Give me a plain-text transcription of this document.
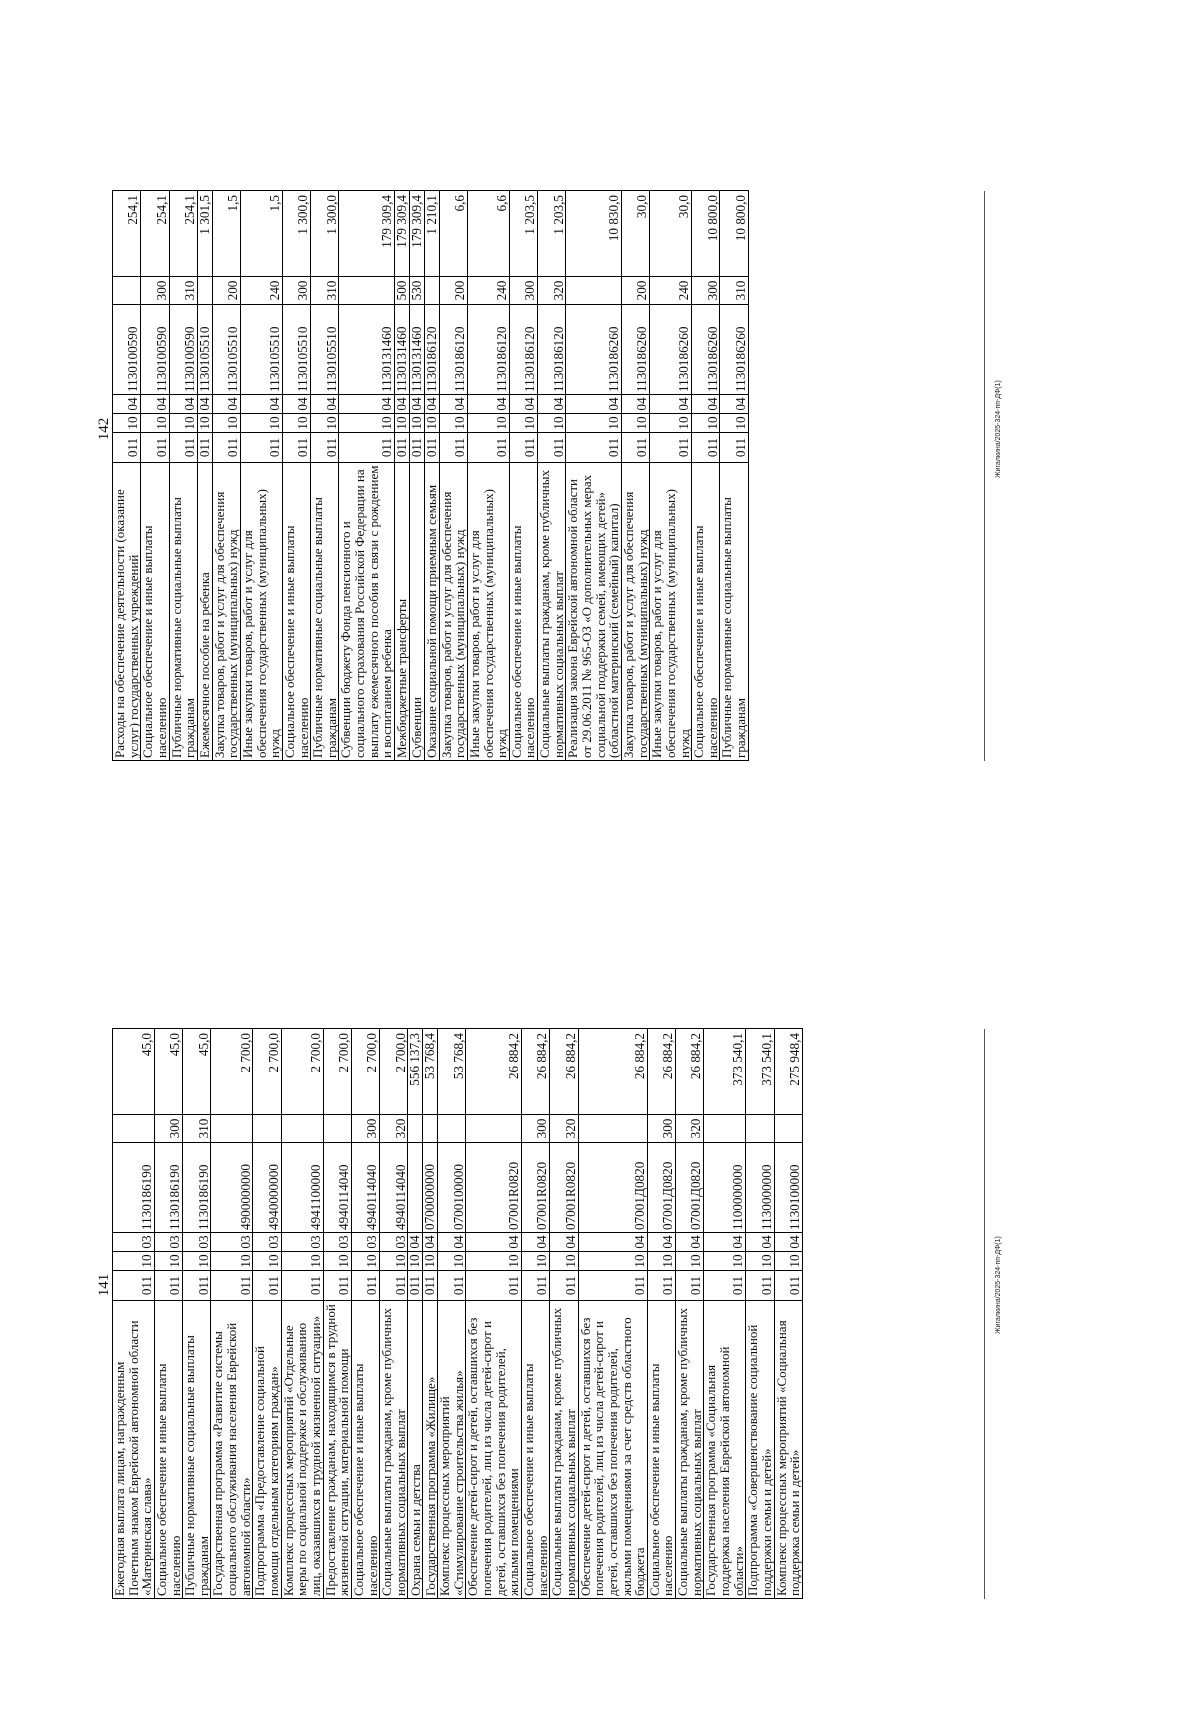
141
Ежегодная выплата лицам, награжденным Почетным знаком Еврейской автономной области «Материнская слава»	011	10	03	1130186190		45,0
Социальное обеспечение и иные выплаты населению	011	10	03	1130186190	300	45,0
Публичные нормативные социальные выплаты гражданам	011	10	03	1130186190	310	45,0
Государственная программа «Развитие системы социального обслуживания населения Еврейской автономной области»	011	10	03	4900000000		2 700,0
Подпрограмма «Предоставление социальной помощи отдельным категориям граждан»	011	10	03	4940000000		2 700,0
Комплекс процессных мероприятий «Отдельные меры по социальной поддержке и обслуживанию лиц, оказавшихся в трудной жизненной ситуации»	011	10	03	4941100000		2 700,0
Предоставление гражданам, находящимся в трудной жизненной ситуации, материальной помощи	011	10	03	4940114040		2 700,0
Социальное обеспечение и иные выплаты населению	011	10	03	4940114040	300	2 700,0
Социальные выплаты гражданам, кроме публичных нормативных социальных выплат	011	10	03	4940114040	320	2 700,0
Охрана семьи и детства	011	10	04			556 137,3
Государственная программа «Жилище»	011	10	04	0700000000		53 768,4
Комплекс процессных мероприятий «Стимулирование строительства жилья»	011	10	04	0700100000		53 768,4
Обеспечение детей-сирот и детей, оставшихся без попечения родителей, лиц из числа детей-сирот и детей, оставшихся без попечения родителей, жилыми помещениями	011	10	04	07001R0820		26 884,2
Социальное обеспечение и иные выплаты населению	011	10	04	07001R0820	300	26 884,2
Социальные выплаты гражданам, кроме публичных нормативных социальных выплат	011	10	04	07001R0820	320	26 884,2
Обеспечение детей-сирот и детей, оставшихся без попечения родителей, лиц из числа детей-сирот и детей, оставшихся без попечения родителей, жилыми помещениями за счет средств областного бюджета	011	10	04	07001Д0820		26 884,2
Социальное обеспечение и иные выплаты населению	011	10	04	07001Д0820	300	26 884,2
Социальные выплаты гражданам, кроме публичных нормативных социальных выплат	011	10	04	07001Д0820	320	26 884,2
Государственная программа «Социальная поддержка населения Еврейской автономной области»	011	10	04	1100000000		373 540,1
Подпрограмма «Совершенствование социальной поддержки семьи и детей»	011	10	04	1130000000		373 540,1
Комплекс процессных мероприятий «Социальная поддержка семьи и детей»	011	10	04	1130100000		275 948,4
Жигалкина/2025-324-пп-ДФ(1)
142
Расходы на обеспечение деятельности (оказание услуг) государственных учреждений	011	10	04	1130100590		254,1
Социальное обеспечение и иные выплаты населению	011	10	04	1130100590	300	254,1
Публичные нормативные социальные выплаты гражданам	011	10	04	1130100590	310	254,1
Ежемесячное пособие на ребенка	011	10	04	1130105510		1 301,5
Закупка товаров, работ и услуг для обеспечения государственных (муниципальных) нужд	011	10	04	1130105510	200	1,5
Иные закупки товаров, работ и услуг для обеспечения государственных (муниципальных) нужд	011	10	04	1130105510	240	1,5
Социальное обеспечение и иные выплаты населению	011	10	04	1130105510	300	1 300,0
Публичные нормативные социальные выплаты гражданам	011	10	04	1130105510	310	1 300,0
Субвенции бюджету Фонда пенсионного и социального страхования Российской Федерации на выплату ежемесячного пособия в связи с рождением и воспитанием ребенка	011	10	04	1130131460		179 309,4
Межбюджетные трансферты	011	10	04	1130131460	500	179 309,4
Субвенции	011	10	04	1130131460	530	179 309,4
Оказание социальной помощи приемным семьям	011	10	04	1130186120		1 210,1
Закупка товаров, работ и услуг для обеспечения государственных (муниципальных) нужд	011	10	04	1130186120	200	6,6
Иные закупки товаров, работ и услуг для обеспечения государственных (муниципальных) нужд	011	10	04	1130186120	240	6,6
Социальное обеспечение и иные выплаты населению	011	10	04	1130186120	300	1 203,5
Социальные выплаты гражданам, кроме публичных нормативных социальных выплат	011	10	04	1130186120	320	1 203,5
Реализация закона Еврейской автономной области от 29.06.2011 № 965-ОЗ «О дополнительных мерах социальной поддержки семей, имеющих детей» (областной материнский (семейный) капитал)	011	10	04	1130186260		10 830,0
Закупка товаров, работ и услуг для обеспечения государственных (муниципальных) нужд	011	10	04	1130186260	200	30,0
Иные закупки товаров, работ и услуг для обеспечения государственных (муниципальных) нужд	011	10	04	1130186260	240	30,0
Социальное обеспечение и иные выплаты населению	011	10	04	1130186260	300	10 800,0
Публичные нормативные социальные выплаты гражданам	011	10	04	1130186260	310	10 800,0
Жигалкина/2025-324-пп-ДФ(1)
